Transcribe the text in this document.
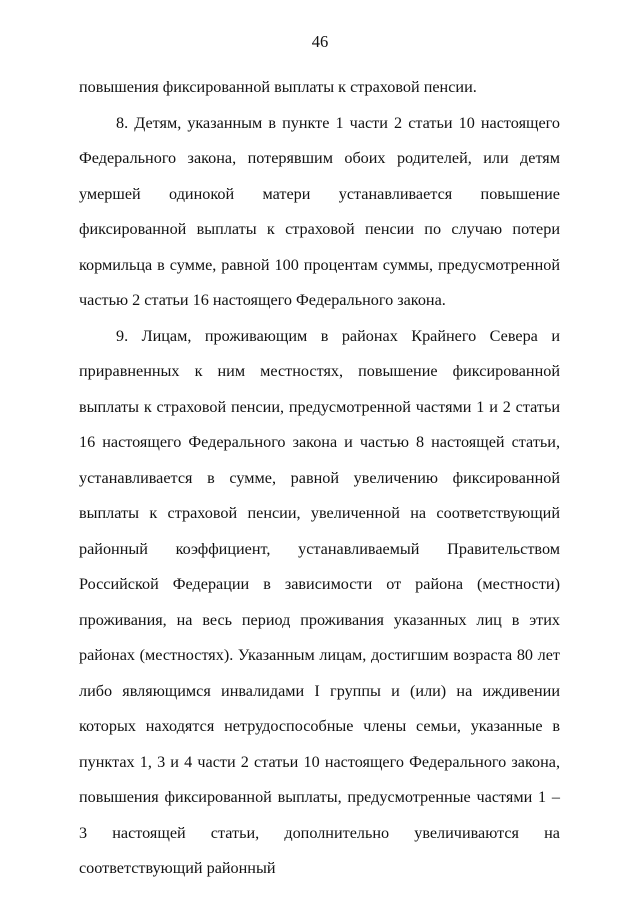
46

повышения фиксированной выплаты к страховой пенсии.

8. Детям, указанным в пункте 1 части 2 статьи 10 настоящего Федерального закона, потерявшим обоих родителей, или детям умершей одинокой матери устанавливается повышение фиксированной выплаты к страховой пенсии по случаю потери кормильца в сумме, равной 100 процентам суммы, предусмотренной частью 2 статьи 16 настоящего Федерального закона.

9. Лицам, проживающим в районах Крайнего Севера и приравненных к ним местностях, повышение фиксированной выплаты к страховой пенсии, предусмотренной частями 1 и 2 статьи 16 настоящего Федерального закона и частью 8 настоящей статьи, устанавливается в сумме, равной увеличению фиксированной выплаты к страховой пенсии, увеличенной на соответствующий районный коэффициент, устанавливаемый Правительством Российской Федерации в зависимости от района (местности) проживания, на весь период проживания указанных лиц в этих районах (местностях). Указанным лицам, достигшим возраста 80 лет либо являющимся инвалидами I группы и (или) на иждивении которых находятся нетрудоспособные члены семьи, указанные в пунктах 1, 3 и 4 части 2 статьи 10 настоящего Федерального закона, повышения фиксированной выплаты, предусмотренные частями 1 – 3 настоящей статьи, дополнительно увеличиваются на соответствующий районный
